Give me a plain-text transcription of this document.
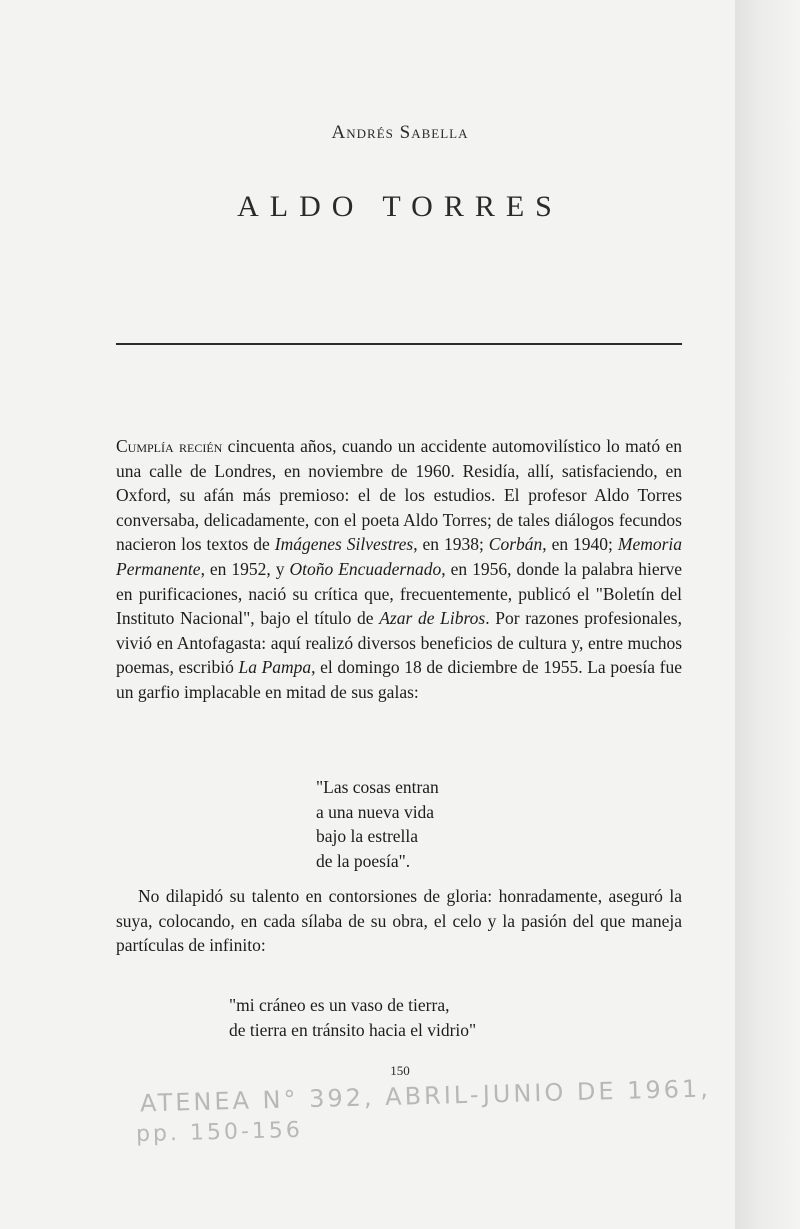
Andrés Sabella
ALDO TORRES

Cumplía recién cincuenta años, cuando un accidente automovilístico lo mató en una calle de Londres, en noviembre de 1960. Residía, allí, satisfaciendo, en Oxford, su afán más premioso: el de los estudios. El profesor Aldo Torres conversaba, delicadamente, con el poeta Aldo Torres; de tales diálogos fecundos nacieron los textos de Imágenes Silvestres, en 1938; Corbán, en 1940; Memoria Permanente, en 1952, y Otoño Encuadernado, en 1956, donde la palabra hierve en purificaciones, nació su crítica que, frecuentemente, publicó el "Boletín del Instituto Nacional", bajo el título de Azar de Libros. Por razones profesionales, vivió en Antofagasta: aquí realizó diversos beneficios de cultura y, entre muchos poemas, escribió La Pampa, el domingo 18 de diciembre de 1955. La poesía fue un garfio implacable en mitad de sus galas:

"Las cosas entran
a una nueva vida
bajo la estrella
de la poesía".
No dilapidó su talento en contorsiones de gloria: honradamente, aseguró la suya, colocando, en cada sílaba de su obra, el celo y la pasión del que maneja partículas de infinito:
"mi cráneo es un vaso de tierra,
de tierra en tránsito hacia el vidrio"
150
ATENEA N° 392, ABRIL-JUNIO DE 1961,
pp. 150-156
